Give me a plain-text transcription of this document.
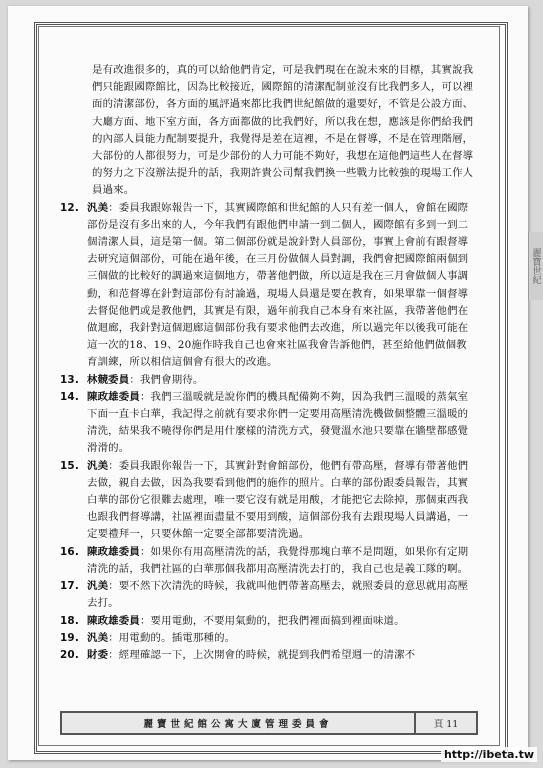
是有改進很多的，真的可以給他們肯定，可是我們現在在說未來的目標，其實說我們只能跟國際館比，因為比較接近，國際館的清潔配制並沒有比我們多人，可以裡面的清潔部份，各方面的風評過來都比我們世紀館做的還要好，不管是公設方面、大廳方面、地下室方面，各方面都做的比我們好，所以我在想，應該是你們給我們的內部人員能力配制要提升，我覺得是差在這裡，不是在督導，不是在管理階層，大部份的人都很努力，可是少部份的人力可能不夠好，我想在這他們這些人在督導的努力之下沒辦法提升的話，我期許貴公司幫我們換一些戰力比較強的現場工作人員過來。

12. 汎美：委員我跟妳報告一下，其實國際館和世紀館的人只有差一個人，會館在國際部份是沒有多出來的人，今年我們有跟他們申請一到二個人，國際館有多到一到二個清潔人員，這是第一個。第二個部份就是說針對人員部份，事實上會前有跟督導去研究這個部份，可能在過年後，在三月份做個人員對調，我們會把國際館兩個到三個做的比較好的調過來這個地方，帶著他們做，所以這是我在三月會做個人事調動，和范督導在針對這部份有討論過，現場人員還是要在教育，如果單靠一個督導去督促他們或是教他們，其實是有限，過年前我自己本身有來社區，我帶著他們在做迴廊，我針對這個迴廊這個部份我有要求他們去改進，所以過完年以後我可能在這一次的18、19、20施作時我自己也會來社區我會告訴他們，甚至給他們做個教育訓練，所以相信這個會有很大的改進。
13. 林競委員：我們會期待。
14. 陳政雄委員：我們三溫暖就是說你們的機具配備夠不夠，因為我們三溫暖的蒸氣室下面一直卡白華，我記得之前就有要求你們一定要用高壓清洗機做個整體三溫暖的清洗，結果我不曉得你們是用什麼樣的清洗方式，發覺溫水池只要靠在牆壁都感覺滑滑的。
15. 汎美：委員我跟你報告一下，其實針對會館部份，他們有帶高壓，督導有帶著他們去做，親自去做，因為我要看到他們的施作的照片。白華的部份跟委員報告，其實白華的部份它很難去處理，唯一要它沒有就是用酸，才能把它去除掉，那個東西我也跟我們督導講，社區裡面盡量不要用到酸，這個部份我有去跟現場人員講過，一定要禮拜一，只要休館一定要全部都要清洗過。
16. 陳政雄委員：如果你有用高壓清洗的話，我覺得那塊白華不是問題，如果你有定期清洗的話，我們社區的白華那個我都用高壓清洗去打的，我自己也是義工隊的啊。
17. 汎美：要不然下次清洗的時候，我就叫他們帶著高壓去，就照委員的意思就用高壓去打。
18. 陳政雄委員：要用電動，不要用氣動的，把我們裡面搞到裡面味道。
19. 汎美：用電動的。插電那種的。
20. 財委：經理確認一下，上次開會的時候，就提到我們希望週一的清潔不
麗寶世紀館公寓大廈管理委員會	頁 11
麗寶世紀
http://ibeta.tw
